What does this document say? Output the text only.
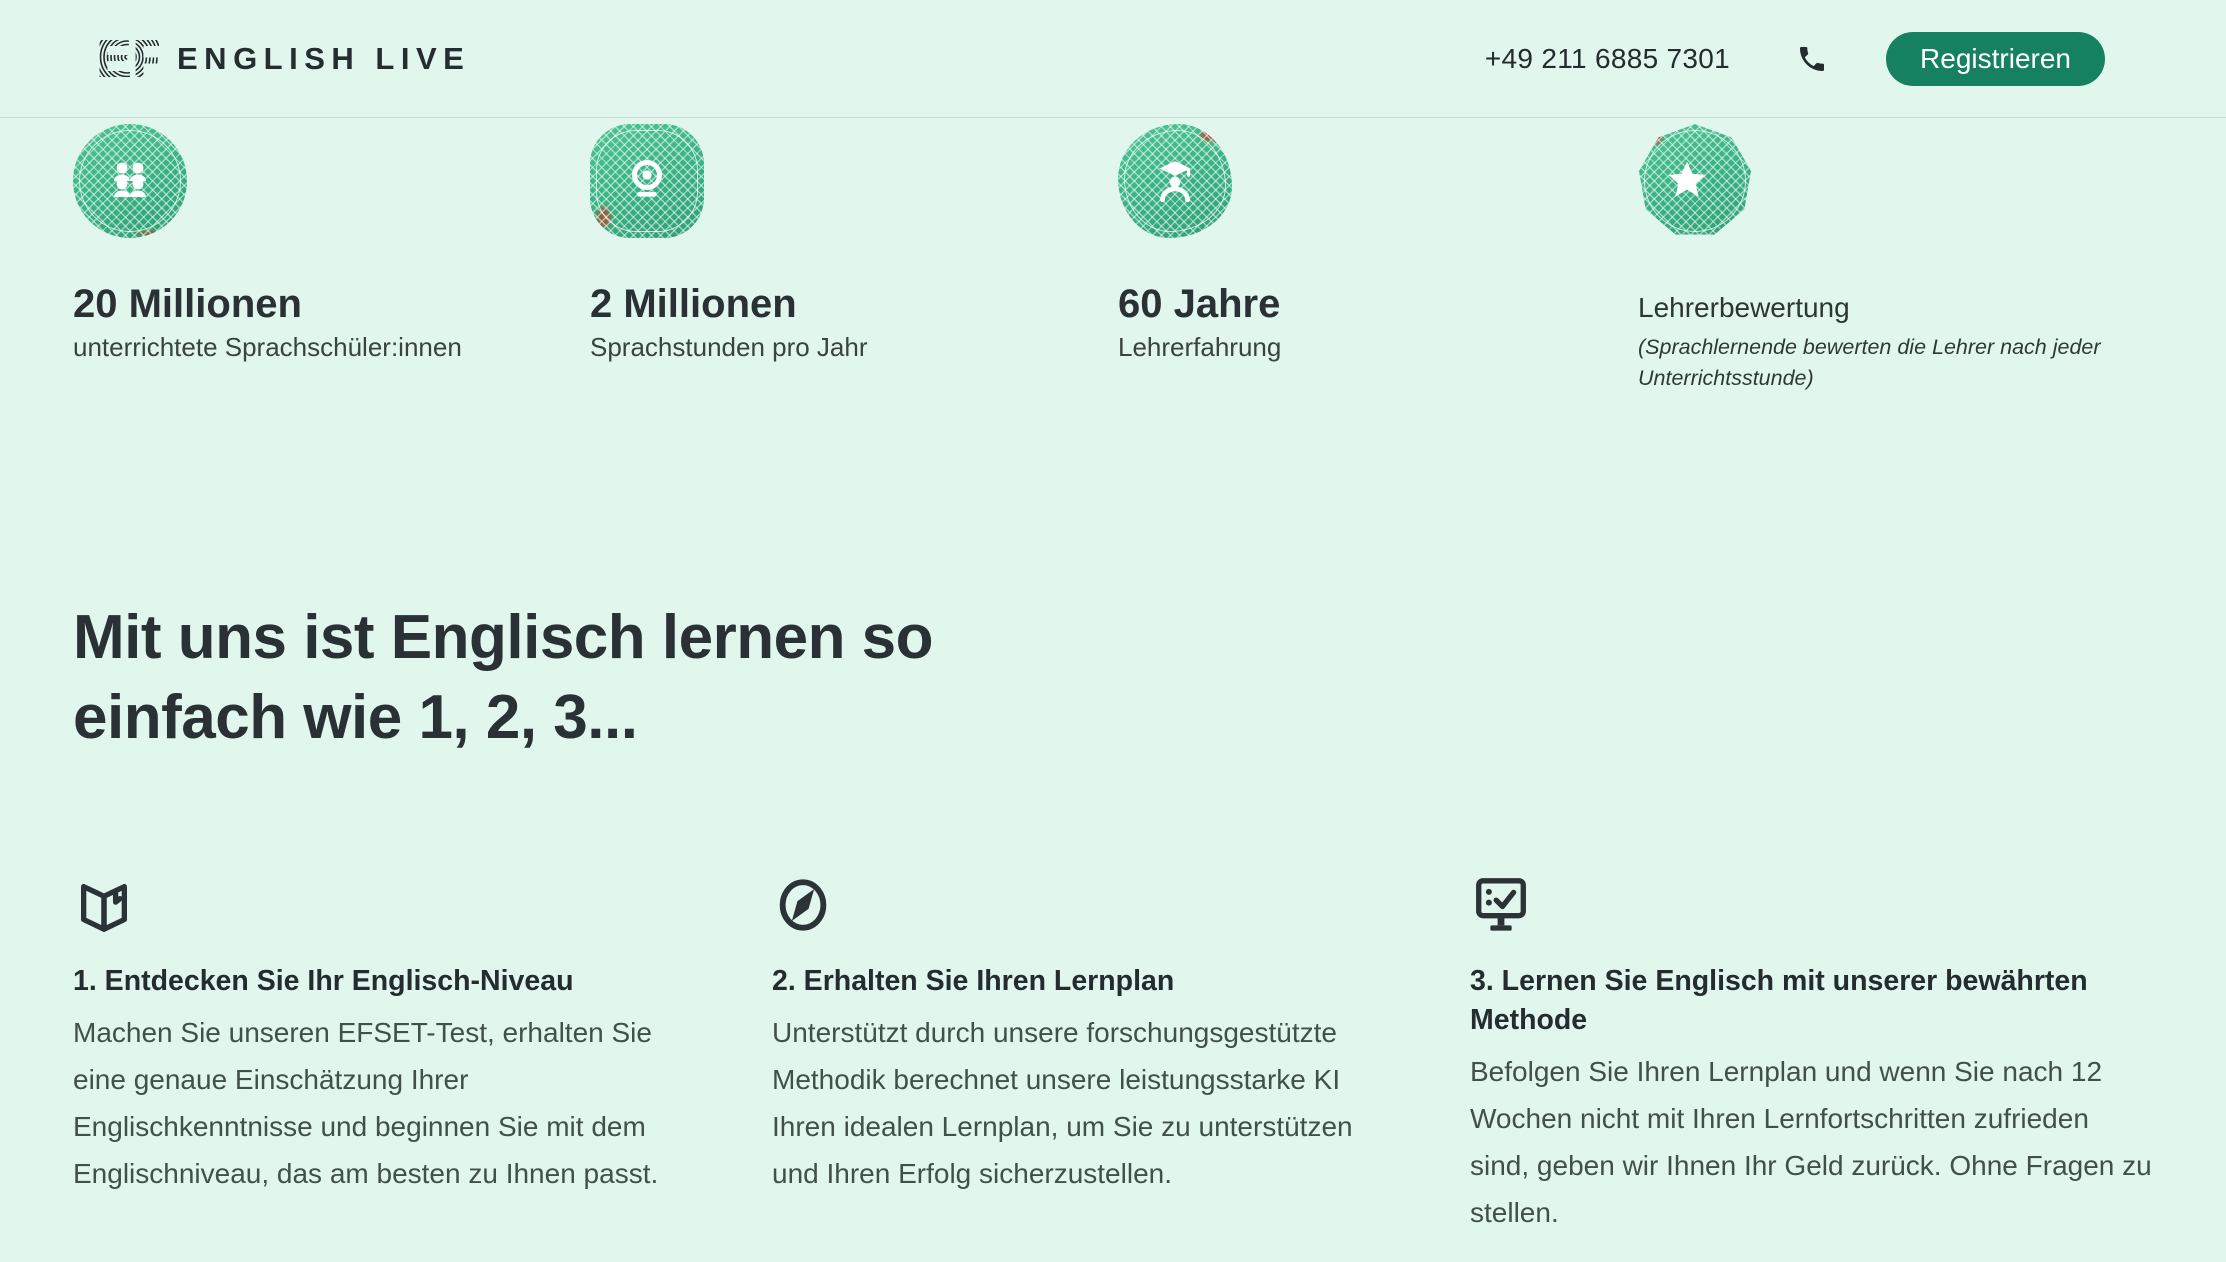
EF ENGLISH LIVE	+49 211 6885 7301	Registrieren
20 Millionen
unterrichtete Sprachschüler:innen
2 Millionen
Sprachstunden pro Jahr
60 Jahre
Lehrerfahrung
Lehrerbewertung
(Sprachlernende bewerten die Lehrer nach jeder Unterrichtsstunde)
Mit uns ist Englisch lernen so
einfach wie 1, 2, 3...
1. Entdecken Sie Ihr Englisch-Niveau
Machen Sie unseren EFSET-Test, erhalten Sie eine genaue Einschätzung Ihrer Englischkenntnisse und beginnen Sie mit dem Englischniveau, das am besten zu Ihnen passt.
2. Erhalten Sie Ihren Lernplan
Unterstützt durch unsere forschungsgestützte Methodik berechnet unsere leistungsstarke KI Ihren idealen Lernplan, um Sie zu unterstützen und Ihren Erfolg sicherzustellen.
3. Lernen Sie Englisch mit unserer bewährten Methode
Befolgen Sie Ihren Lernplan und wenn Sie nach 12 Wochen nicht mit Ihren Lernfortschritten zufrieden sind, geben wir Ihnen Ihr Geld zurück. Ohne Fragen zu stellen.
